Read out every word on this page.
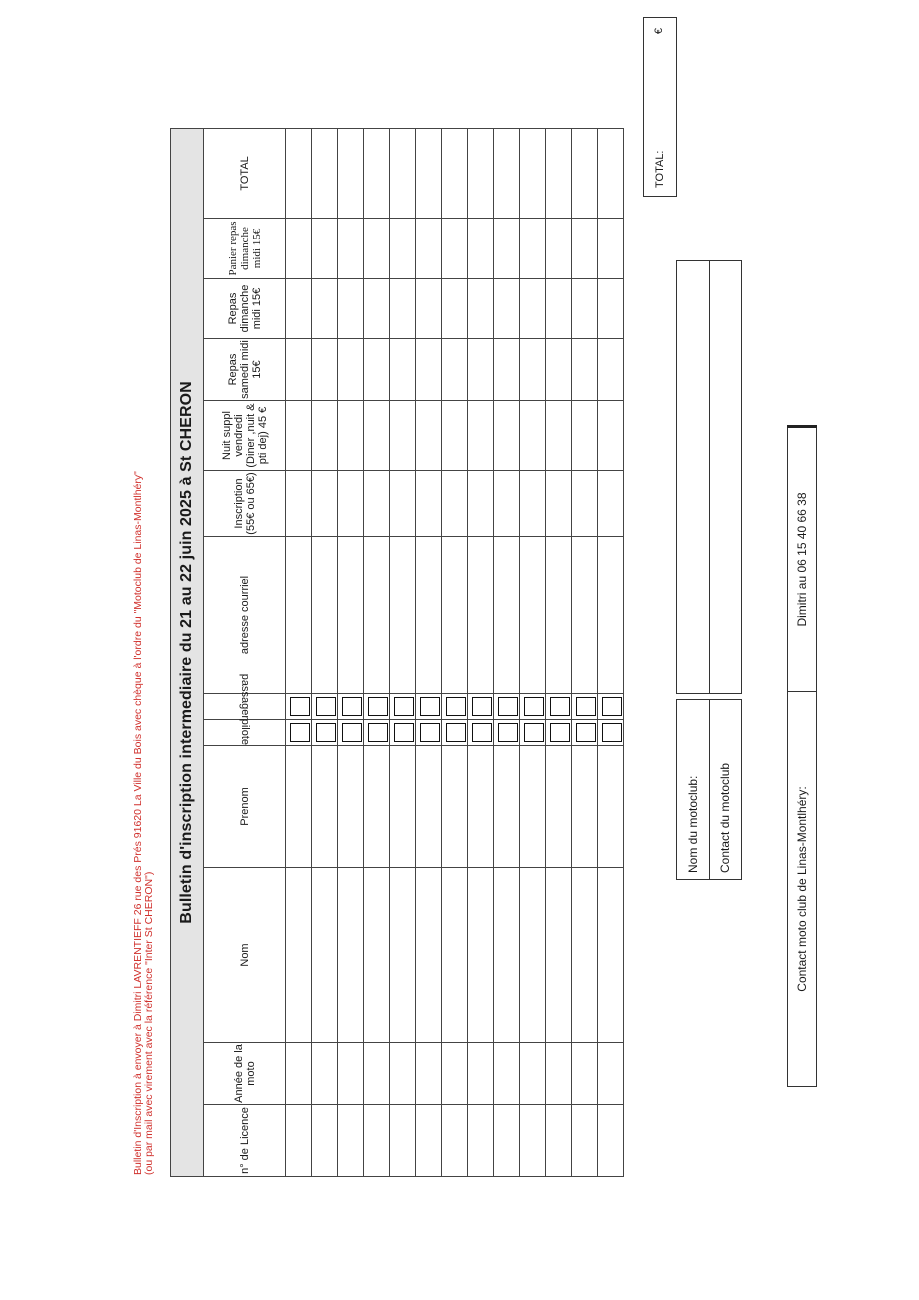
Bulletin d'Inscription à envoyer à Dimitri LAVRENTIEFF 26 rue des Prés 91620 La Ville du Bois avec chèque à l'ordre du "Motoclub de Linas-Montlhéry" (ou par mail avec virement avec la référence "Inter St CHERON")
Bulletin d'inscription intermediaire du 21 au 22 juin 2025 à St CHERON												
n° de Licence	Année de la moto	Nom	Prenom	pilote	passager	adresse courriel	Inscription (55€ ou 65€)	Nuit suppl vendredi (Diner ,nuit & pti dej) 45 €	Repas samedi midi 15€	Repas dimanche midi 15€	Panier repas dimanche midi 15€	TOTAL

Nom du motoclub:		
Contact du motoclub		
TOTAL:
€
Contact moto club de Linas-Montlhéry:	Dimitri au 06 15 40 66 38
